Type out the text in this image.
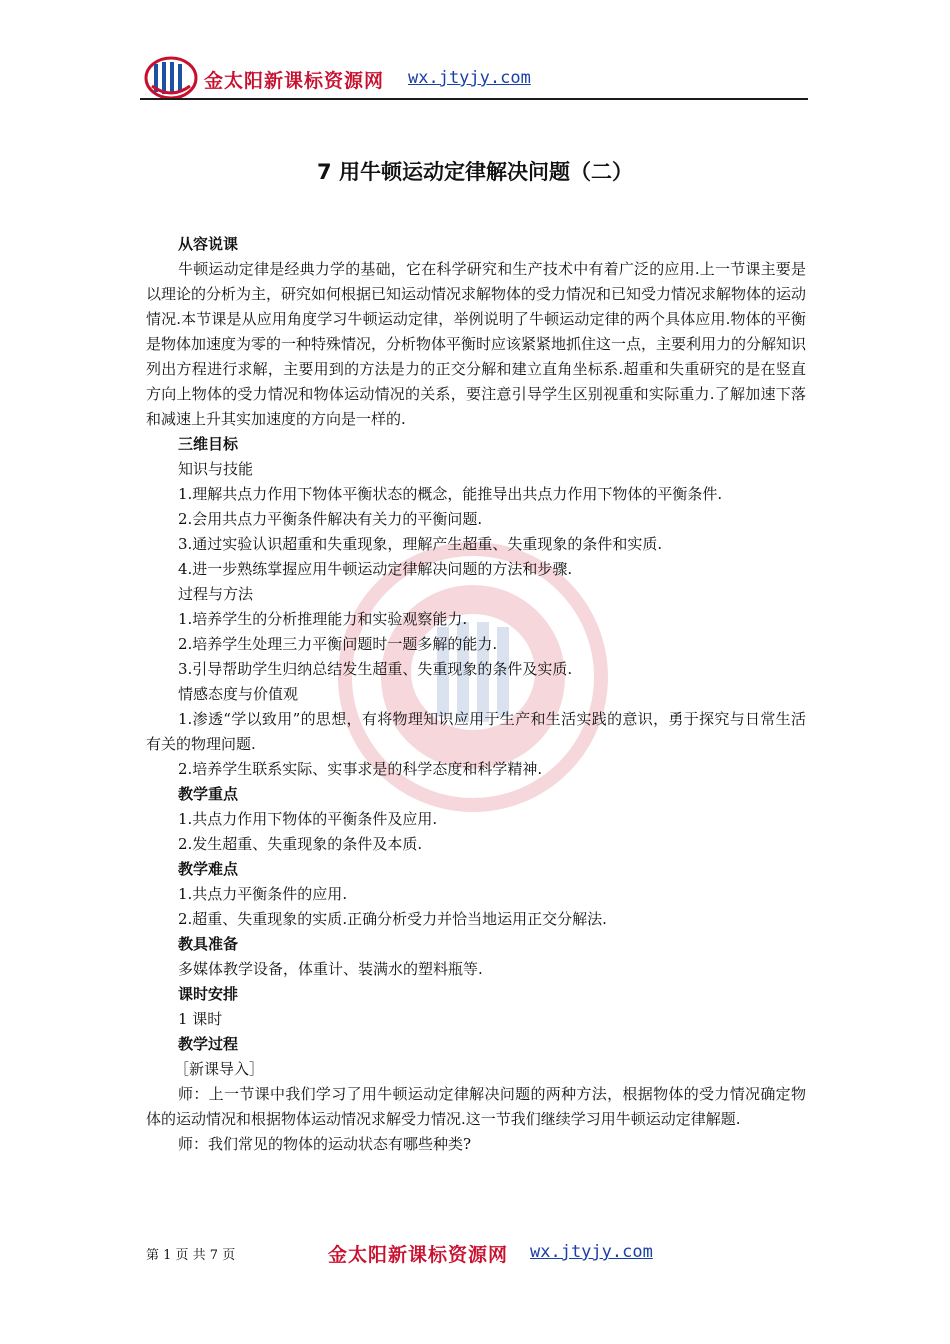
金太阳新课标资源网 wx.jtyjy.com
7 用牛顿运动定律解决问题（二）

从容说课

牛顿运动定律是经典力学的基础，它在科学研究和生产技术中有着广泛的应用.上一节课主要是以理论的分析为主，研究如何根据已知运动情况求解物体的受力情况和已知受力情况求解物体的运动情况.本节课是从应用角度学习牛顿运动定律，举例说明了牛顿运动定律的两个具体应用.物体的平衡是物体加速度为零的一种特殊情况，分析物体平衡时应该紧紧地抓住这一点，主要利用力的分解知识列出方程进行求解，主要用到的方法是力的正交分解和建立直角坐标系.超重和失重研究的是在竖直方向上物体的受力情况和物体运动情况的关系，要注意引导学生区别视重和实际重力.了解加速下落和减速上升其实加速度的方向是一样的.

三维目标

知识与技能

1.理解共点力作用下物体平衡状态的概念，能推导出共点力作用下物体的平衡条件.

2.会用共点力平衡条件解决有关力的平衡问题.

3.通过实验认识超重和失重现象，理解产生超重、失重现象的条件和实质.

4.进一步熟练掌握应用牛顿运动定律解决问题的方法和步骤.

过程与方法

1.培养学生的分析推理能力和实验观察能力.

2.培养学生处理三力平衡问题时一题多解的能力.

3.引导帮助学生归纳总结发生超重、失重现象的条件及实质.

情感态度与价值观

1.渗透“学以致用”的思想，有将物理知识应用于生产和生活实践的意识，勇于探究与日常生活有关的物理问题.

2.培养学生联系实际、实事求是的科学态度和科学精神.

教学重点

1.共点力作用下物体的平衡条件及应用.

2.发生超重、失重现象的条件及本质.

教学难点

1.共点力平衡条件的应用.

2.超重、失重现象的实质.正确分析受力并恰当地运用正交分解法.

教具准备

多媒体教学设备，体重计、装满水的塑料瓶等.

课时安排

1 课时

教学过程

［新课导入］

师：上一节课中我们学习了用牛顿运动定律解决问题的两种方法，根据物体的受力情况确定物体的运动情况和根据物体运动情况求解受力情况.这一节我们继续学习用牛顿运动定律解题.

师：我们常见的物体的运动状态有哪些种类?

第 1 页 共 7 页	金太阳新课标资源网 wx.jtyjy.com
